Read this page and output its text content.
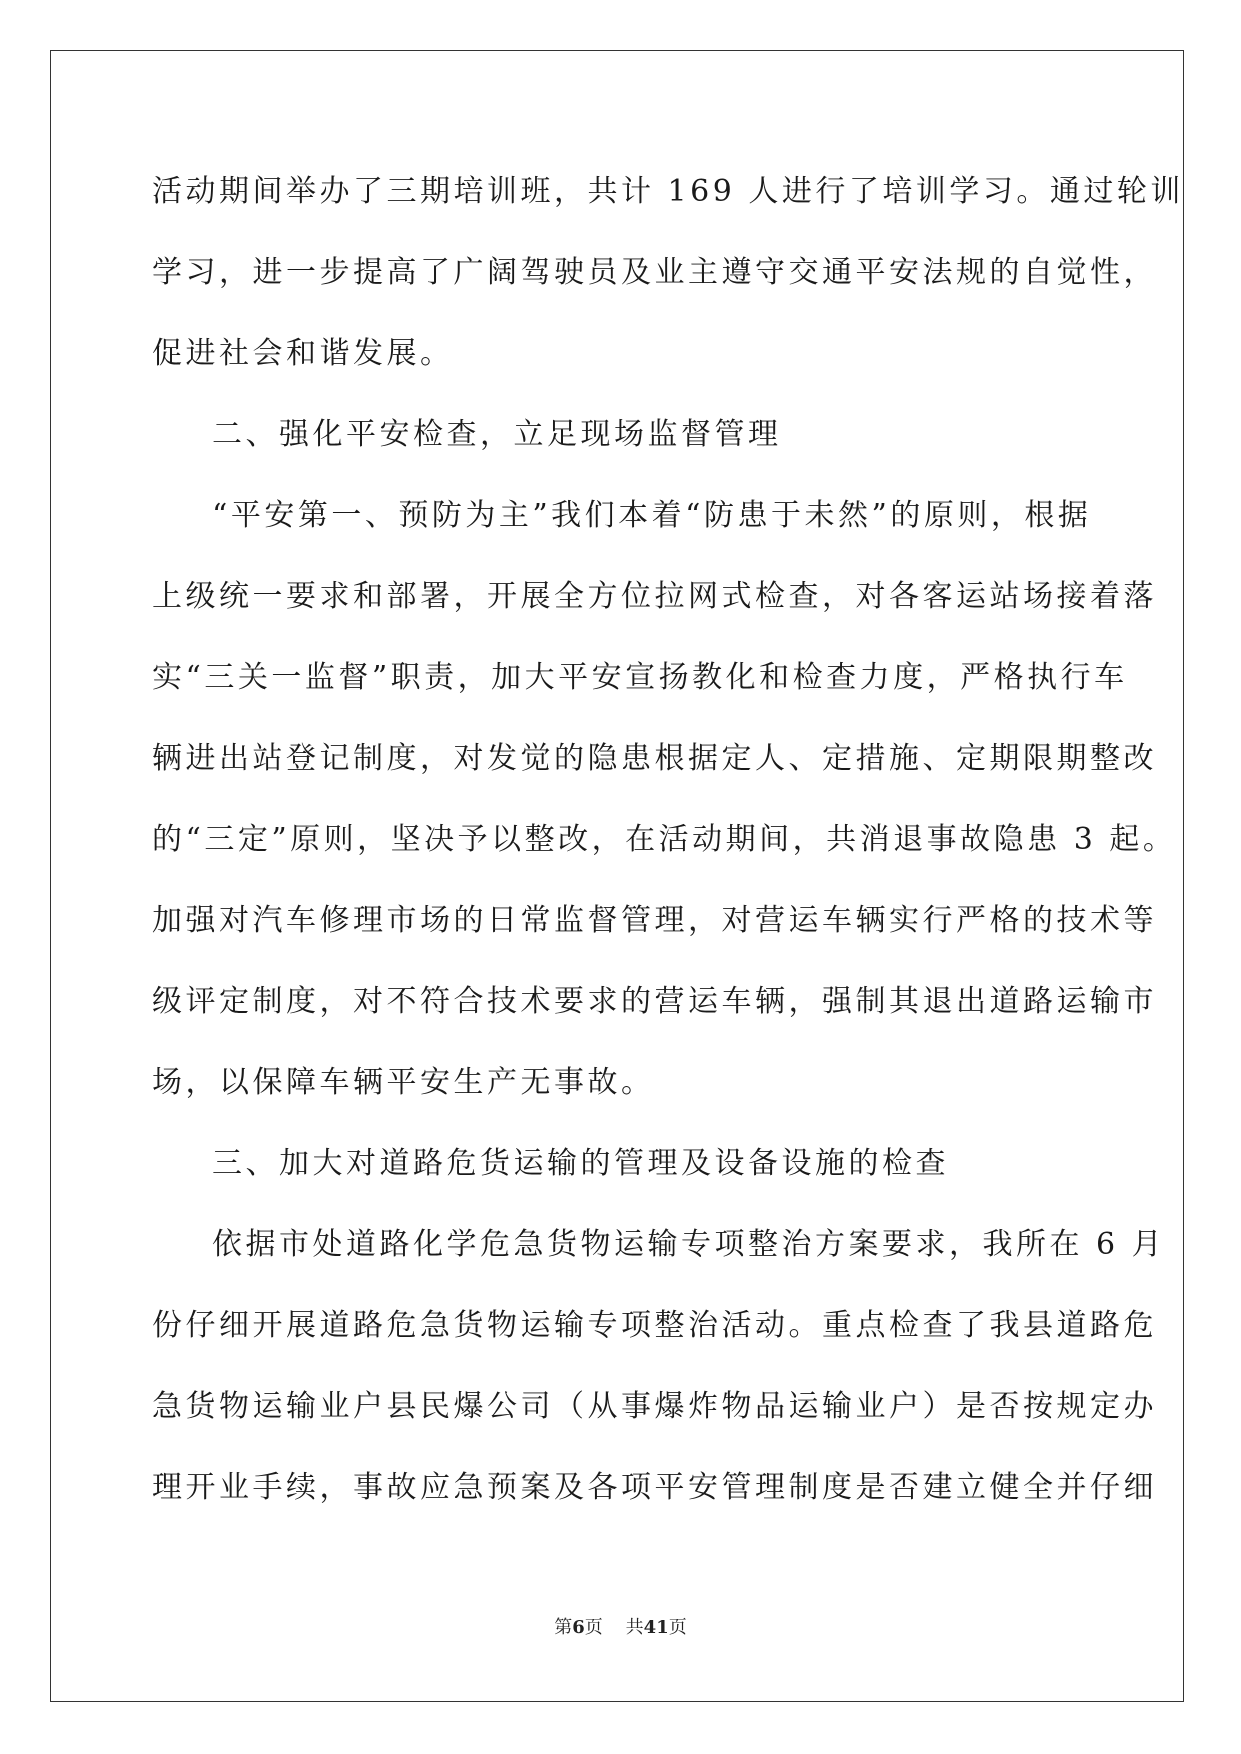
活动期间举办了三期培训班，共计 169 人进行了培训学习。通过轮训
学习，进一步提高了广阔驾驶员及业主遵守交通平安法规的自觉性，
促进社会和谐发展。
二、强化平安检查，立足现场监督管理
“平安第一、预防为主”我们本着“防患于未然”的原则，根据
上级统一要求和部署，开展全方位拉网式检查，对各客运站场接着落
实“三关一监督”职责，加大平安宣扬教化和检查力度，严格执行车
辆进出站登记制度，对发觉的隐患根据定人、定措施、定期限期整改
的“三定”原则，坚决予以整改，在活动期间，共消退事故隐患 3 起。
加强对汽车修理市场的日常监督管理，对营运车辆实行严格的技术等
级评定制度，对不符合技术要求的营运车辆，强制其退出道路运输市
场，以保障车辆平安生产无事故。
三、加大对道路危货运输的管理及设备设施的检查
依据市处道路化学危急货物运输专项整治方案要求，我所在 6 月
份仔细开展道路危急货物运输专项整治活动。重点检查了我县道路危
急货物运输业户县民爆公司（从事爆炸物品运输业户）是否按规定办
理开业手续，事故应急预案及各项平安管理制度是否建立健全并仔细
第6页 共41页
